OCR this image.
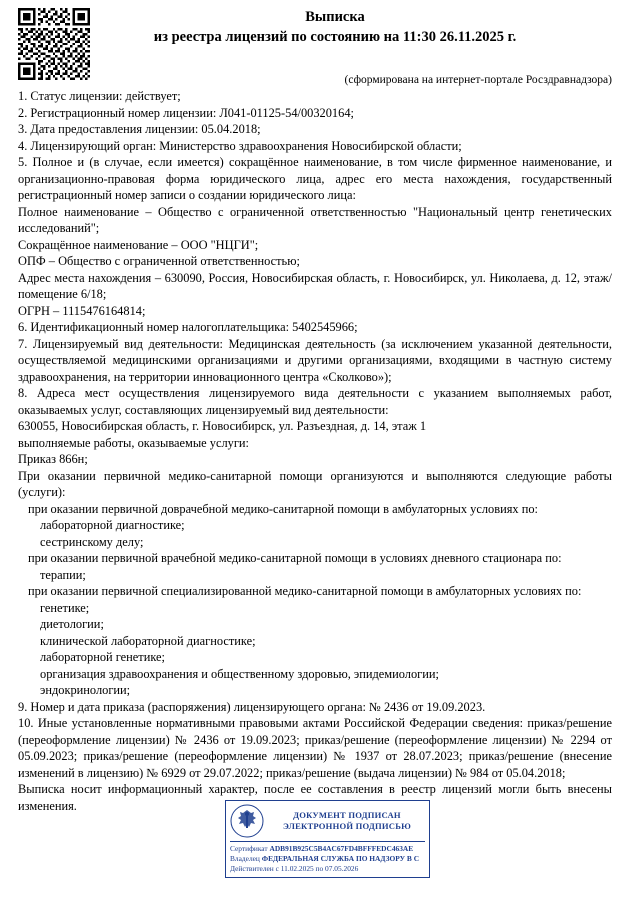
Выписка
из реестра лицензий по состоянию на 11:30 26.11.2025 г.
(сформирована на интернет-портале Росздравнадзора)

1. Статус лицензии: действует;

2. Регистрационный номер лицензии: Л041-01125-54/00320164;

3. Дата предоставления лицензии: 05.04.2018;

4. Лицензирующий орган: Министерство здравоохранения Новосибирской области;

5. Полное и (в случае, если имеется) сокращённое наименование, в том числе фирменное наименование, и организационно-правовая форма юридического лица, адрес его места нахождения, государственный регистрационный номер записи о создании юридического лица:

Полное наименование – Общество с ограниченной ответственностью "Национальный центр генетических исследований";

Сокращённое наименование – ООО "НЦГИ";

ОПФ – Общество с ограниченной ответственностью;

Адрес места нахождения – 630090, Россия, Новосибирская область, г. Новосибирск, ул. Николаева, д. 12, этаж/помещение 6/18;

ОГРН – 1115476164814;

6. Идентификационный номер налогоплательщика: 5402545966;

7. Лицензируемый вид деятельности: Медицинская деятельность (за исключением указанной деятельности, осуществляемой медицинскими организациями и другими организациями, входящими в частную систему здравоохранения, на территории инновационного центра «Сколково»);

8. Адреса мест осуществления лицензируемого вида деятельности с указанием выполняемых работ, оказываемых услуг, составляющих лицензируемый вид деятельности:

630055, Новосибирская область, г. Новосибирск, ул. Разъездная, д. 14, этаж 1

выполняемые работы, оказываемые услуги:

Приказ 866н;

При оказании первичной медико-санитарной помощи организуются и выполняются следующие работы (услуги):

при оказании первичной доврачебной медико-санитарной помощи в амбулаторных условиях по:

лабораторной диагностике;

сестринскому делу;

при оказании первичной врачебной медико-санитарной помощи в условиях дневного стационара по:

терапии;

при оказании первичной специализированной медико-санитарной помощи в амбулаторных условиях по:

генетике;

диетологии;

клинической лабораторной диагностике;

лабораторной генетике;

организация здравоохранения и общественному здоровью, эпидемиологии;

эндокринологии;

9. Номер и дата приказа (распоряжения) лицензирующего органа: № 2436 от 19.09.2023.

10. Иные установленные нормативными правовыми актами Российской Федерации сведения: приказ/решение (переоформление лицензии) № 2436 от 19.09.2023; приказ/решение (переоформление лицензии) № 2294 от 05.09.2023; приказ/решение (переоформление лицензии) № 1937 от 28.07.2023; приказ/решение (внесение изменений в лицензию) № 6929 от 29.07.2022; приказ/решение (выдача лицензии) № 984 от 05.04.2018;

Выписка носит информационный характер, после ее составления в реестр лицензий могли быть внесены изменения.

ДОКУМЕНТ ПОДПИСАН
ЭЛЕКТРОННОЙ ПОДПИСЬЮ
Сертификат ADB91B925C5B4AC67FD4BFFFEDC463AE
Владелец ФЕДЕРАЛЬНАЯ СЛУЖБА ПО НАДЗОРУ В С
Действителен с 11.02.2025 по 07.05.2026
